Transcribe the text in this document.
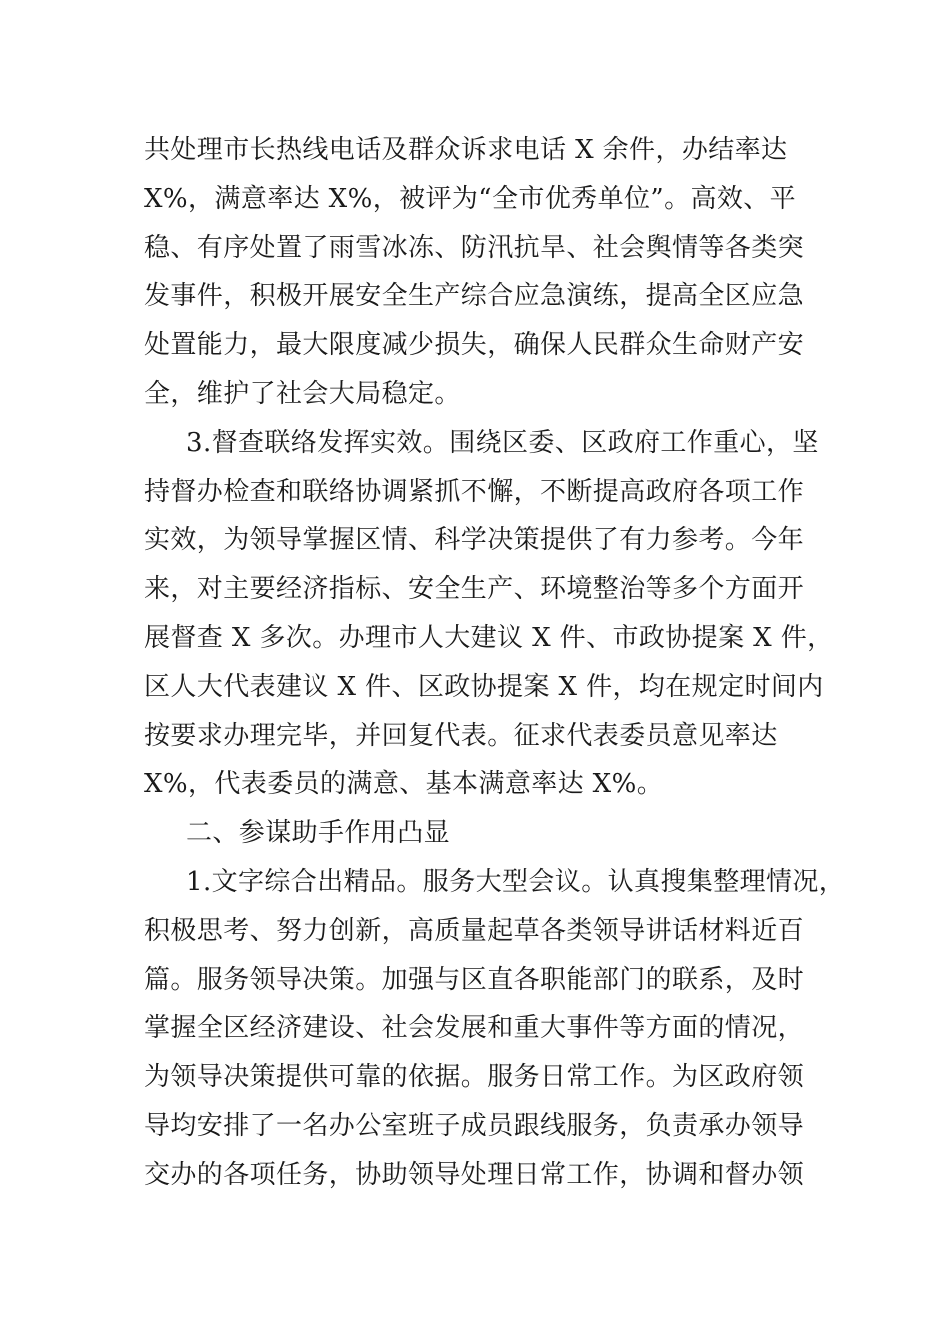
共处理市长热线电话及群众诉求电话 X 余件，办结率达
X%，满意率达 X%，被评为“全市优秀单位”。高效、平
稳、有序处置了雨雪冰冻、防汛抗旱、社会舆情等各类突
发事件，积极开展安全生产综合应急演练，提高全区应急
处置能力，最大限度减少损失，确保人民群众生命财产安
全，维护了社会大局稳定。
3.督查联络发挥实效。围绕区委、区政府工作重心，坚
持督办检查和联络协调紧抓不懈，不断提高政府各项工作
实效，为领导掌握区情、科学决策提供了有力参考。今年
来，对主要经济指标、安全生产、环境整治等多个方面开
展督查 X 多次。办理市人大建议 X 件、市政协提案 X 件，
区人大代表建议 X 件、区政协提案 X 件，均在规定时间内
按要求办理完毕，并回复代表。征求代表委员意见率达
X%，代表委员的满意、基本满意率达 X%。
二、参谋助手作用凸显
1.文字综合出精品。服务大型会议。认真搜集整理情况，
积极思考、努力创新，高质量起草各类领导讲话材料近百
篇。服务领导决策。加强与区直各职能部门的联系，及时
掌握全区经济建设、社会发展和重大事件等方面的情况，
为领导决策提供可靠的依据。服务日常工作。为区政府领
导均安排了一名办公室班子成员跟线服务，负责承办领导
交办的各项任务，协助领导处理日常工作，协调和督办领
